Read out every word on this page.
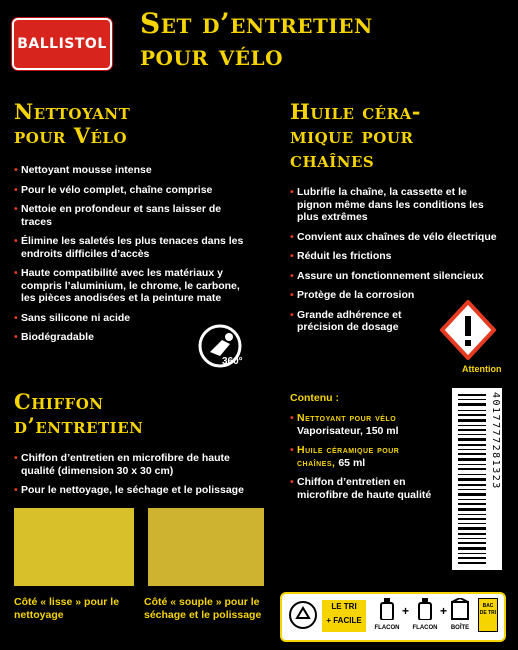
BALLISTOL
Set d’entretien
pour vélo
Nettoyant
pour Vélo
• Nettoyant mousse intense
• Pour le vélo complet, chaîne comprise
• Nettoie en profondeur et sans laisser de traces
• Élimine les saletés les plus tenaces dans les endroits difficiles d’accès
• Haute compatibilité avec les matériaux y compris l’aluminium, le chrome, le carbone, les pièces anodisées et la peinture mate
• Sans silicone ni acide
• Biodégradable
360°
Huile céra-
mique pour
chaînes
• Lubrifie la chaîne, la cassette et le pignon même dans les conditions les plus extrêmes
• Convient aux chaînes de vélo électrique
• Réduit les frictions
• Assure un fonctionnement silencieux
• Protège de la corrosion
• Grande adhérence et précision de dosage
Attention
Chiffon
d’entretien
• Chiffon d’entretien en microfibre de haute qualité (dimension 30 x 30 cm)
• Pour le nettoyage, le séchage et le polissage
Côté « lisse » pour le nettoyage
Côté « souple » pour le séchage et le polissage
Contenu :
• Nettoyant pour vélo
Vaporisateur, 150 ml
• Huile céramique pour chaînes, 65 ml
• Chiffon d’entretien en microfibre de haute qualité
4017777281323
LE TRI
+ FACILE
FLACON
+
FLACON
+
BOÎTE
BAC DE TRI
